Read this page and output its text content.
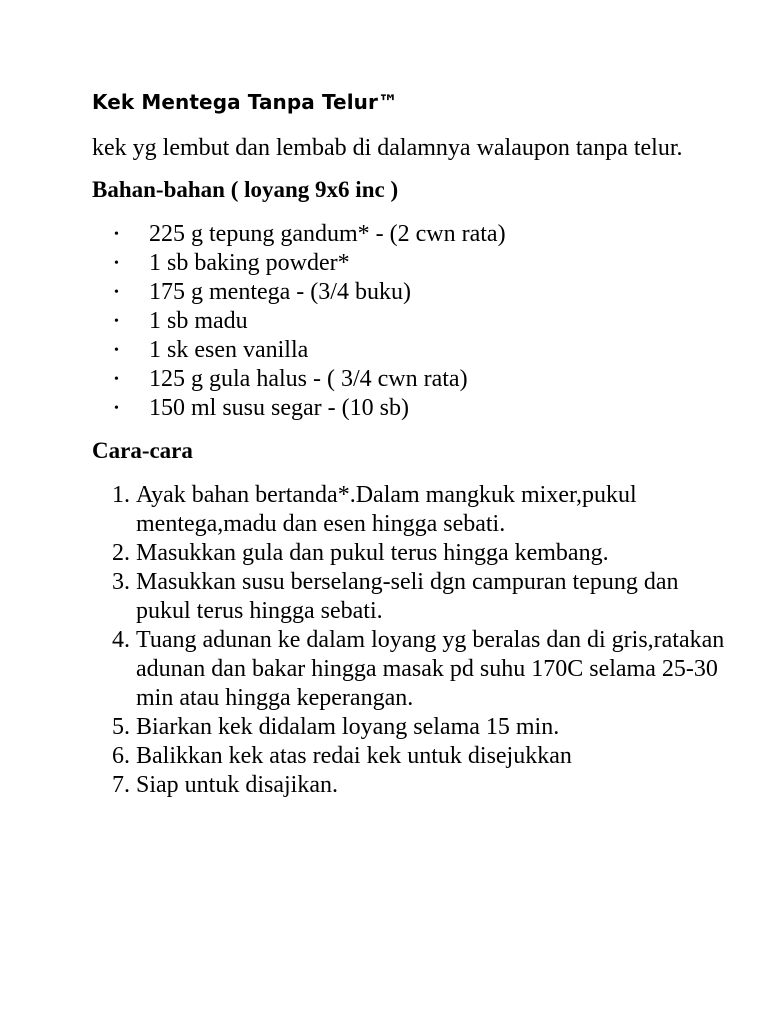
Kek Mentega Tanpa Telur™

kek yg lembut dan lembab di dalamnya walaupon tanpa telur.

Bahan-bahan ( loyang 9x6 inc )
• 225 g tepung gandum* - (2 cwn rata)
• 1 sb baking powder*
• 175 g mentega - (3/4 buku)
• 1 sb madu
• 1 sk esen vanilla
• 125 g gula halus - ( 3/4 cwn rata)
• 150 ml susu segar - (10 sb)
Cara-cara
1. Ayak bahan bertanda*.Dalam mangkuk mixer,pukul mentega,madu dan esen hingga sebati.
2. Masukkan gula dan pukul terus hingga kembang.
3. Masukkan susu berselang-seli dgn campuran tepung dan pukul terus hingga sebati.
4. Tuang adunan ke dalam loyang yg beralas dan di gris,ratakan adunan dan bakar hingga masak pd suhu 170C selama 25-30 min atau hingga keperangan.
5. Biarkan kek didalam loyang selama 15 min.
6. Balikkan kek atas redai kek untuk disejukkan
7. Siap untuk disajikan.
